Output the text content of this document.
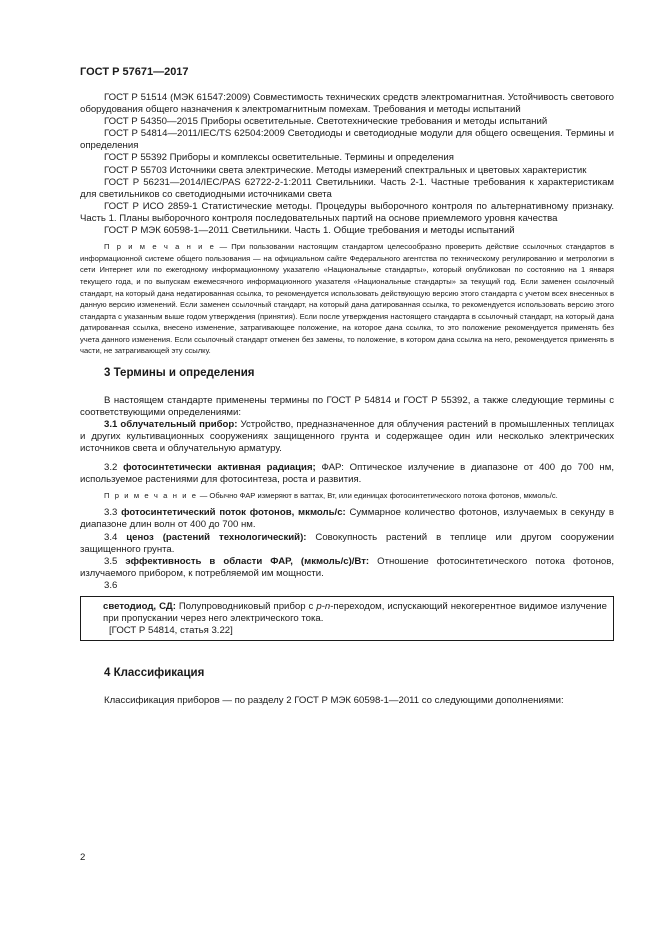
ГОСТ Р 57671—2017

ГОСТ Р 51514 (МЭК 61547:2009) Совместимость технических средств электромагнитная. Устойчивость светового оборудования общего назначения к электромагнитным помехам. Требования и методы испытаний

ГОСТ Р 54350—2015 Приборы осветительные. Светотехнические требования и методы испытаний

ГОСТ Р 54814—2011/IEC/TS 62504:2009 Светодиоды и светодиодные модули для общего освещения. Термины и определения

ГОСТ Р 55392 Приборы и комплексы осветительные. Термины и определения

ГОСТ Р 55703 Источники света электрические. Методы измерений спектральных и цветовых характеристик

ГОСТ Р 56231—2014/IEC/PAS 62722-2-1:2011 Светильники. Часть 2-1. Частные требования к характеристикам для светильников со светодиодными источниками света

ГОСТ Р ИСО 2859-1 Статистические методы. Процедуры выборочного контроля по альтернативному признаку. Часть 1. Планы выборочного контроля последовательных партий на основе приемлемого уровня качества

ГОСТ Р МЭК 60598-1—2011 Светильники. Часть 1. Общие требования и методы испытаний

П р и м е ч а н и е — При пользовании настоящим стандартом целесообразно проверить действие ссылочных стандартов в информационной системе общего пользования — на официальном сайте Федерального агентства по техническому регулированию и метрологии в сети Интернет или по ежегодному информационному указателю «Национальные стандарты», который опубликован по состоянию на 1 января текущего года, и по выпускам ежемесячного информационного указателя «Национальные стандарты» за текущий год. Если заменен ссылочный стандарт, на который дана недатированная ссылка, то рекомендуется использовать действующую версию этого стандарта с учетом всех внесенных в данную версию изменений. Если заменен ссылочный стандарт, на который дана датированная ссылка, то рекомендуется использовать версию этого стандарта с указанным выше годом утверждения (принятия). Если после утверждения настоящего стандарта в ссылочный стандарт, на который дана датированная ссылка, внесено изменение, затрагивающее положение, на которое дана ссылка, то это положение рекомендуется применять без учета данного изменения. Если ссылочный стандарт отменен без замены, то положение, в котором дана ссылка на него, рекомендуется применять в части, не затрагивающей эту ссылку.

3 Термины и определения

В настоящем стандарте применены термины по ГОСТ Р 54814 и ГОСТ Р 55392, а также следующие термины с соответствующими определениями:

3.1 облучательный прибор: Устройство, предназначенное для облучения растений в промышленных теплицах и других культивационных сооружениях защищенного грунта и содержащее один или несколько электрических источников света и облучательную арматуру.

3.2 фотосинтетически активная радиация; ФАР: Оптическое излучение в диапазоне от 400 до 700 нм, используемое растениями для фотосинтеза, роста и развития.

П р и м е ч а н и е — Обычно ФАР измеряют в ваттах, Вт, или единицах фотосинтетического потока фотонов, мкмоль/с.

3.3 фотосинтетический поток фотонов, мкмоль/с: Суммарное количество фотонов, излучаемых в секунду в диапазоне длин волн от 400 до 700 нм.

3.4 ценоз (растений технологический): Совокупность растений в теплице или другом сооружении защищенного грунта.

3.5 эффективность в области ФАР, (мкмоль/с)/Вт: Отношение фотосинтетического потока фотонов, излучаемого прибором, к потребляемой им мощности.

3.6

светодиод, СД: Полупроводниковый прибор с p-n-переходом, испускающий некогерентное видимое излучение при пропускании через него электрического тока.
[ГОСТ Р 54814, статья 3.22]
4 Классификация

Классификация приборов — по разделу 2 ГОСТ Р МЭК 60598-1—2011 со следующими дополнениями:

2
